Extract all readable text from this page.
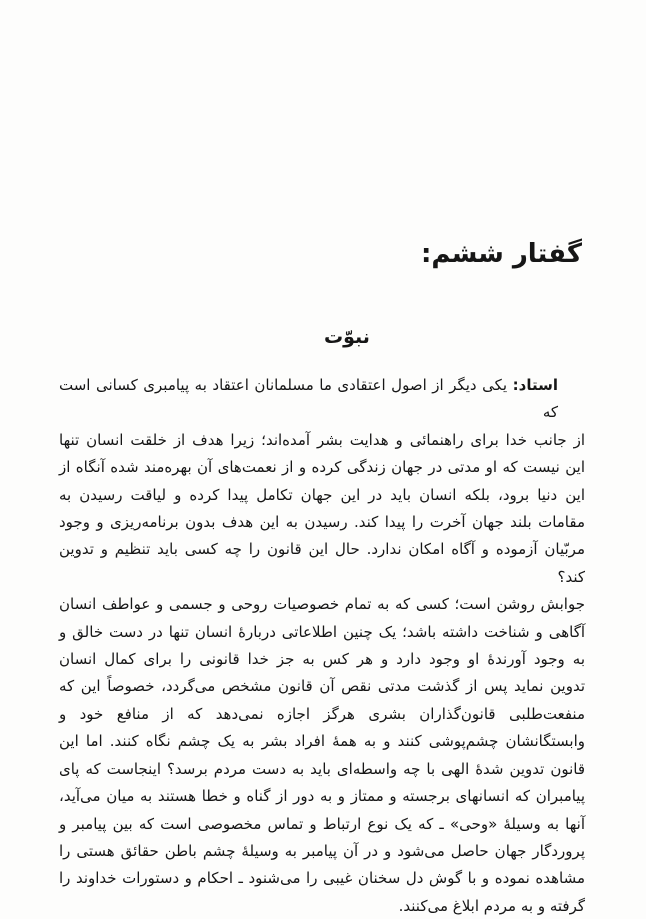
گفتار ششم:
نبوّت
استاد: یکی دیگر از اصول اعتقادی ما مسلمانان اعتقاد به پیامبری کسانی است که
از جانب خدا برای راهنمائی و هدایت بشر آمده‌اند؛ زیرا هدف از خلقت انسان تنها
این نیست که او مدتی در جهان زندگی کرده و از نعمت‌های آن بهره‌مند شده آنگاه از
این دنیا برود، بلکه انسان باید در این جهان تکامل پیدا کرده و لیاقت رسیدن به
مقامات بلند جهان آخرت را پیدا کند. رسیدن به این هدف بدون برنامه‌ریزی و وجود
مربّیان آزموده و آگاه امکان ندارد. حال این قانون را چه کسی باید تنظیم و تدوین کند؟
جوابش روشن است؛ کسی که به تمام خصوصیات روحی و جسمی و عواطف انسان
آگاهی و شناخت داشته باشد؛ یک چنین اطلاعاتی دربارهٔ انسان تنها در دست خالق و
به وجود آورندهٔ او وجود دارد و هر کس به جز خدا قانونی را برای کمال انسان
تدوین نماید پس از گذشت مدتی نقص آن قانون مشخص می‌گردد، خصوصاً این که
منفعت‌طلبی قانون‌گذاران بشری هرگز اجازه نمی‌دهد که از منافع خود و
وابستگانشان چشم‌پوشی کنند و به همهٔ افراد بشر به یک چشم نگاه کنند. اما این
قانون تدوین شدهٔ الهی با چه واسطه‌ای باید به دست مردم برسد؟ اینجاست که پای
پیامبران که انسانهای برجسته و ممتاز و به دور از گناه و خطا هستند به میان می‌آید،
آنها به وسیلهٔ «وحی» ـ که یک نوع ارتباط و تماس مخصوصی است که بین پیامبر و
پروردگار جهان حاصل می‌شود و در آن پیامبر به وسیلهٔ چشم باطن حقائق هستی را
مشاهده نموده و با گوش دل سخنان غیبی را می‌شنود ـ احکام و دستورات خداوند را
گرفته و به مردم ابلاغ می‌کنند.
